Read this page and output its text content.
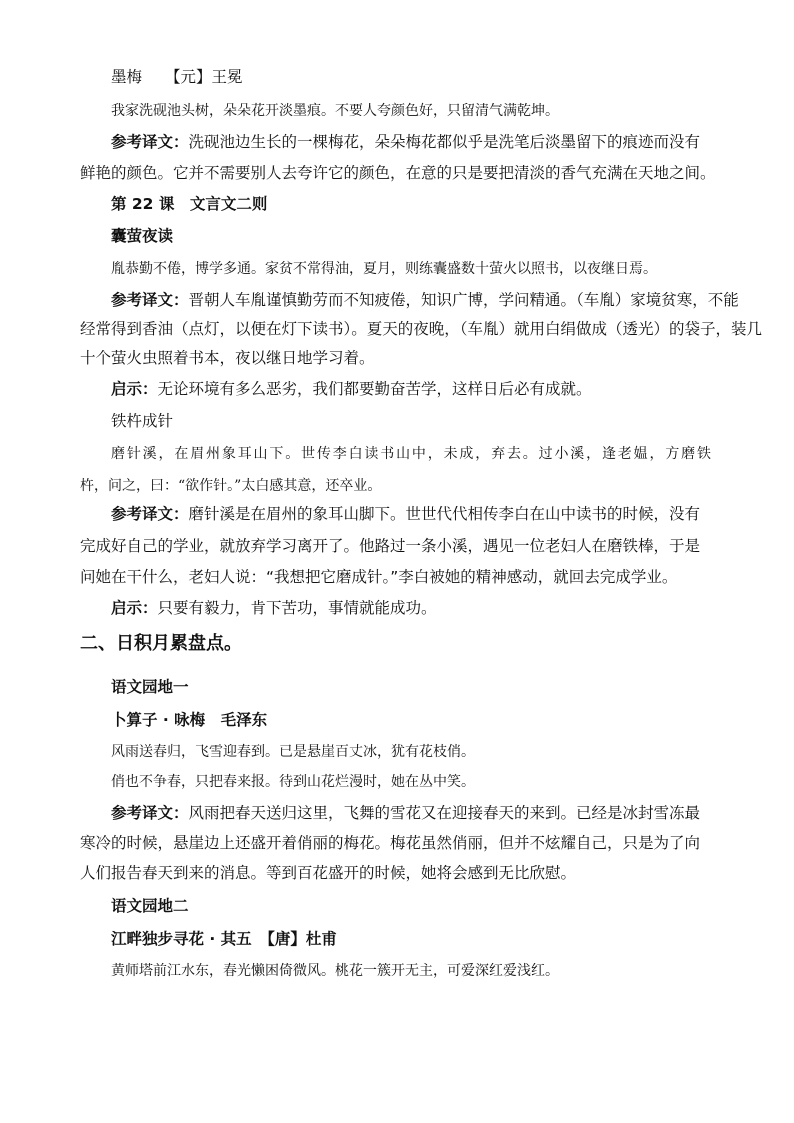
墨梅 【元】王冕
我家洗砚池头树，朵朵花开淡墨痕。不要人夸颜色好，只留清气满乾坤。
参考译文：洗砚池边生长的一棵梅花，朵朵梅花都似乎是洗笔后淡墨留下的痕迹而没有
鲜艳的颜色。它并不需要别人去夸许它的颜色，在意的只是要把清淡的香气充满在天地之间。
第 22 课　文言文二则
囊萤夜读
胤恭勤不倦，博学多通。家贫不常得油，夏月，则练囊盛数十萤火以照书，以夜继日焉。
参考译文：晋朝人车胤谨慎勤劳而不知疲倦，知识广博，学问精通。（车胤）家境贫寒，不能
经常得到香油（点灯，以便在灯下读书）。夏天的夜晚，（车胤）就用白绢做成（透光）的袋子，装几
十个萤火虫照着书本，夜以继日地学习着。
启示：无论环境有多么恶劣，我们都要勤奋苦学，这样日后必有成就。
铁杵成针
磨针溪，在眉州象耳山下。世传李白读书山中，未成，弃去。过小溪，逢老媪，方磨铁
杵，问之，曰：“欲作针。”太白感其意，还卒业。
参考译文：磨针溪是在眉州的象耳山脚下。世世代代相传李白在山中读书的时候，没有
完成好自己的学业，就放弃学习离开了。他路过一条小溪，遇见一位老妇人在磨铁棒，于是
问她在干什么，老妇人说：“我想把它磨成针。”李白被她的精神感动，就回去完成学业。
启示：只要有毅力，肯下苦功，事情就能成功。
二、日积月累盘点。
语文园地一
卜算子 · 咏梅　毛泽东
风雨送春归，飞雪迎春到。已是悬崖百丈冰，犹有花枝俏。
俏也不争春，只把春来报。待到山花烂漫时，她在丛中笑。
参考译文：风雨把春天送归这里，飞舞的雪花又在迎接春天的来到。已经是冰封雪冻最
寒冷的时候，悬崖边上还盛开着俏丽的梅花。梅花虽然俏丽，但并不炫耀自己，只是为了向
人们报告春天到来的消息。等到百花盛开的时候，她将会感到无比欣慰。
语文园地二
江畔独步寻花 · 其五　【唐】杜甫
黄师塔前江水东，春光懒困倚微风。桃花一簇开无主，可爱深红爱浅红。
